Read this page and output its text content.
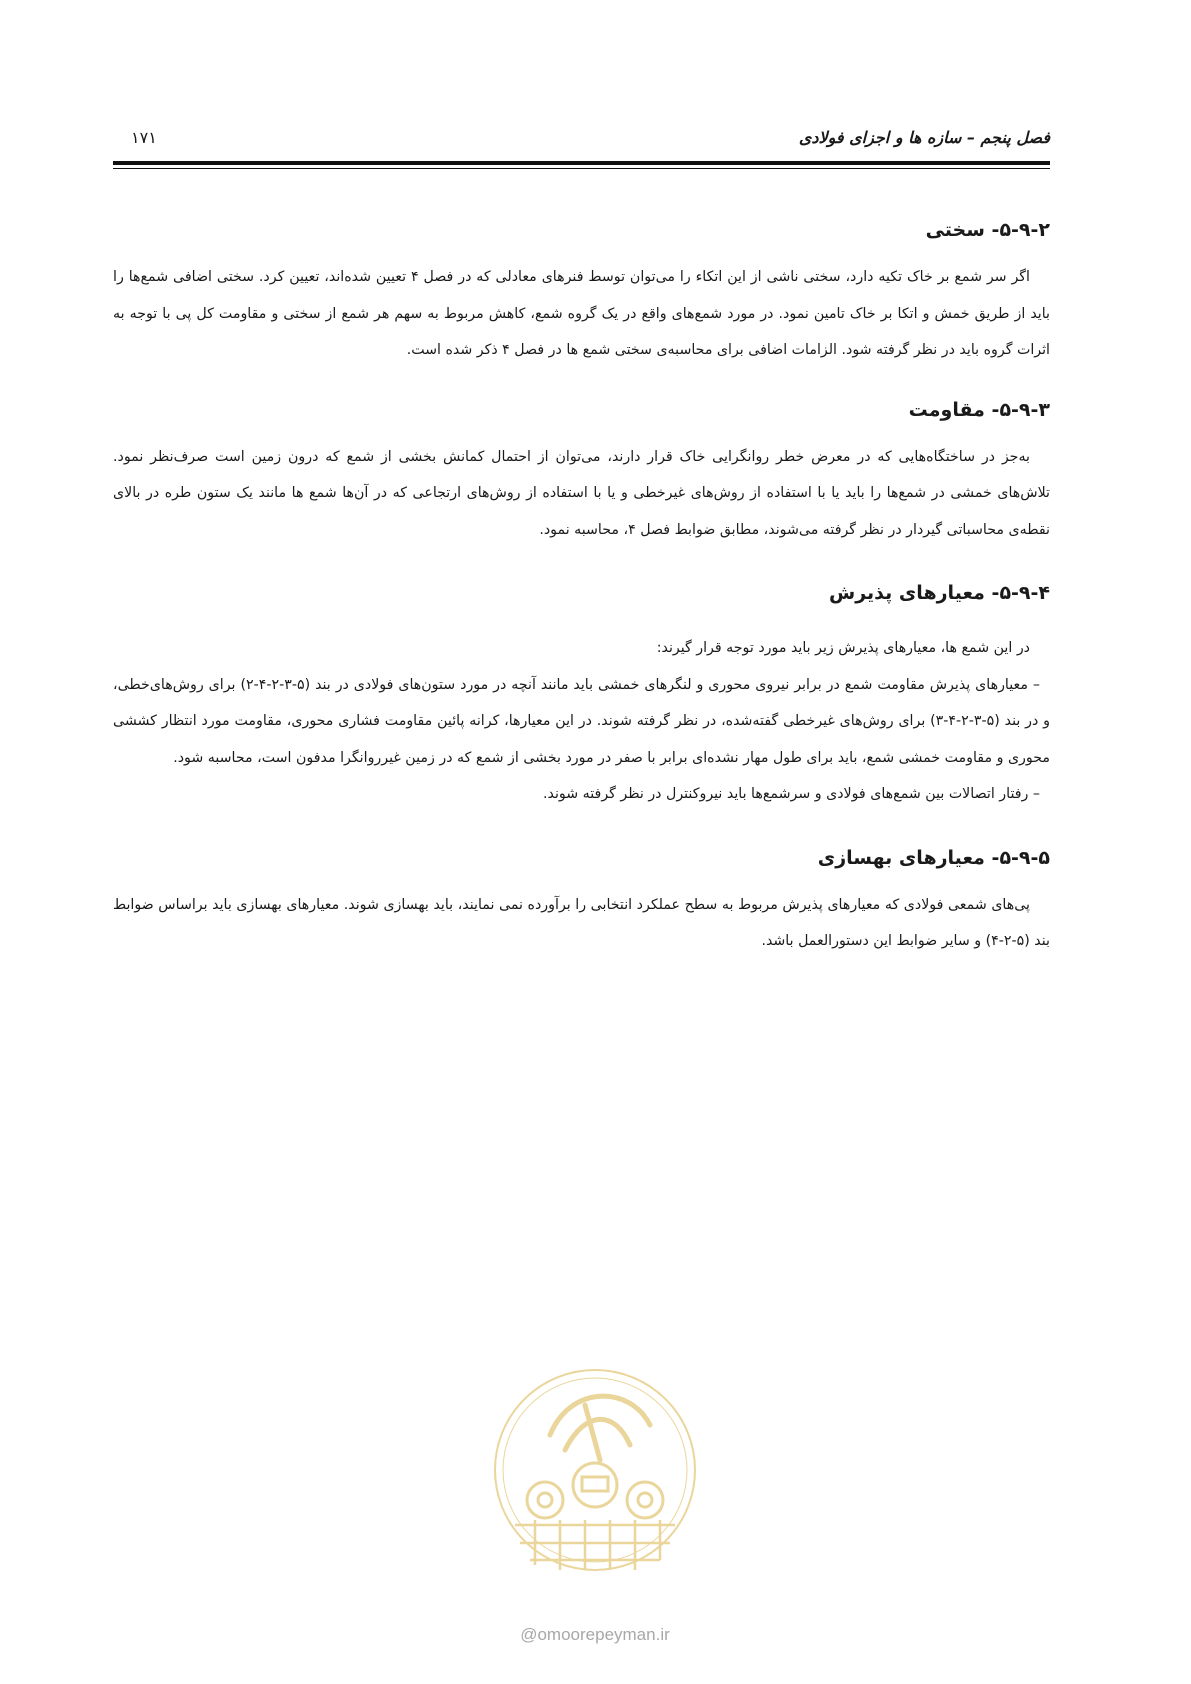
فصل پنجم – سازه ها و اجزای فولادی
۱۷۱
۵-۹-۲- سختی

اگر سر شمع بر خاک تکیه دارد، سختی ناشی از این اتکاء را می‌توان توسط فنرهای معادلی که در فصل ۴ تعیین شده‌اند، تعیین کرد. سختی اضافی شمع‌ها را باید از طریق خمش و اتکا بر خاک تامین نمود. در مورد شمع‌های واقع در یک گروه شمع، کاهش مربوط به سهم هر شمع از سختی و مقاومت کل پی با توجه به اثرات گروه باید در نظر گرفته شود. الزامات اضافی برای محاسبه‌ی سختی شمع ها در فصل ۴ ذکر شده است.

۵-۹-۳- مقاومت

به‌جز در ساختگاه‌هایی که در معرض خطر روانگرایی خاک قرار دارند، می‌توان از احتمال کمانش بخشی از شمع که درون زمین است صرف‌نظر نمود. تلاش‌های خمشی در شمع‌ها را باید یا با استفاده از روش‌های غیرخطی و یا با استفاده از روش‌های ارتجاعی که در آن‌ها شمع ها مانند یک ستون طره در بالای نقطه‌ی محاسباتی گیردار در نظر گرفته می‌شوند، مطابق ضوابط فصل ۴، محاسبه نمود.

۵-۹-۴- معیارهای پذیرش

در این شمع ها، معیارهای پذیرش زیر باید مورد توجه قرار گیرند:

– معیارهای پذیرش مقاومت شمع در برابر نیروی محوری و لنگرهای خمشی باید مانند آنچه در مورد ستون‌های فولادی در بند (۵-۳-۲-۴-۲) برای روش‌های‌خطی، و در بند (۵-۳-۲-۴-۳) برای روش‌های غیرخطی گفته‌شده، در نظر گرفته شوند. در این معیارها، کرانه پائین مقاومت فشاری محوری، مقاومت مورد انتظار کششی محوری و مقاومت خمشی شمع، باید برای طول مهار نشده‌ای برابر با صفر در مورد بخشی از شمع که در زمین غیرروانگرا مدفون است، محاسبه شود.

– رفتار اتصالات بین شمع‌های فولادی و سرشمع‌ها باید نیروکنترل در نظر گرفته شوند.

۵-۹-۵- معیارهای بهسازی

پی‌های شمعی فولادی که معیارهای پذیرش مربوط به سطح عملکرد انتخابی را برآورده نمی نمایند، باید بهسازی شوند. معیارهای بهسازی باید براساس ضوابط بند (۵-۲-۴) و سایر ضوابط این دستورالعمل باشد.

@omoorepeyman.ir
